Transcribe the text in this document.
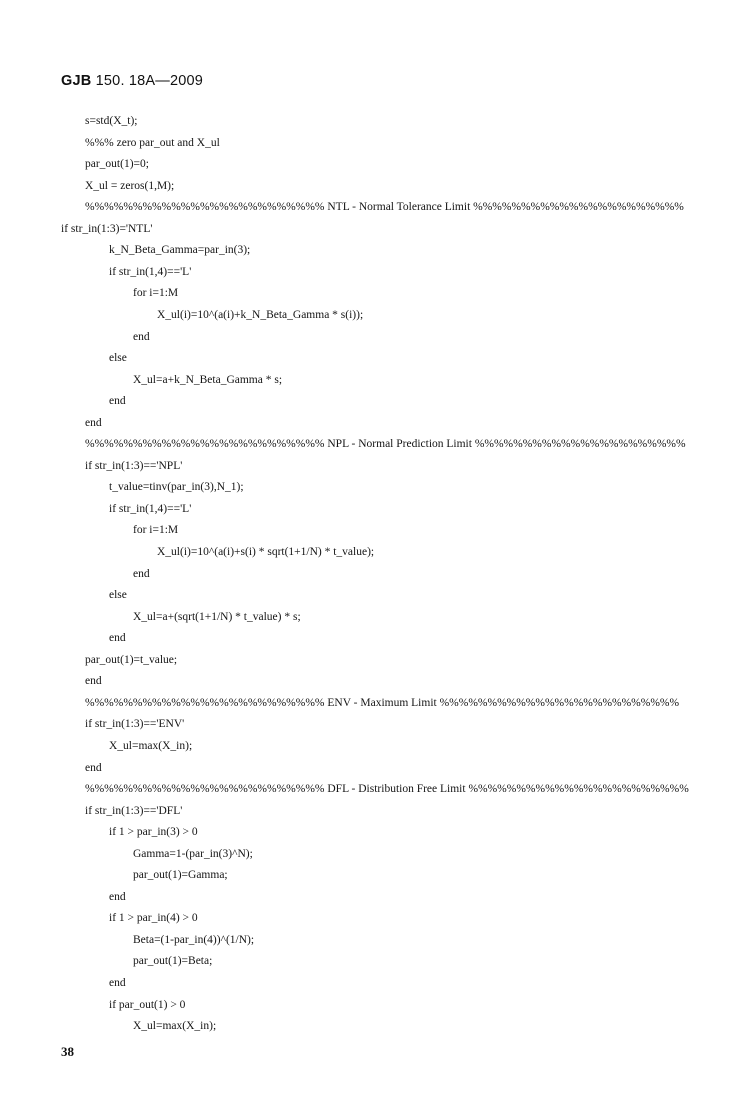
GJB 150. 18A—2009
s=std(X_t);
%%% zero par_out and X_ul
par_out(1)=0;
X_ul = zeros(1,M);
%%%%%%%%%%%%%%%%%%%%%%%%% NTL - Normal Tolerance Limit %%%%%%%%%%%%%%%%%%%%%%
if str_in(1:3)='NTL'
k_N_Beta_Gamma=par_in(3);
if str_in(1,4)=='L'
for i=1:M
X_ul(i)=10^(a(i)+k_N_Beta_Gamma * s(i));
end
else
X_ul=a+k_N_Beta_Gamma * s;
end
end
%%%%%%%%%%%%%%%%%%%%%%%%% NPL - Normal Prediction Limit %%%%%%%%%%%%%%%%%%%%%%
if str_in(1:3)=='NPL'
t_value=tinv(par_in(3),N_1);
if str_in(1,4)=='L'
for i=1:M
X_ul(i)=10^(a(i)+s(i) * sqrt(1+1/N) * t_value);
end
else
X_ul=a+(sqrt(1+1/N) * t_value) * s;
end
par_out(1)=t_value;
end
%%%%%%%%%%%%%%%%%%%%%%%%% ENV - Maximum Limit %%%%%%%%%%%%%%%%%%%%%%%%%
if str_in(1:3)=='ENV'
X_ul=max(X_in);
end
%%%%%%%%%%%%%%%%%%%%%%%%% DFL - Distribution Free Limit %%%%%%%%%%%%%%%%%%%%%%%
if str_in(1:3)=='DFL'
if 1 > par_in(3) > 0
Gamma=1-(par_in(3)^N);
par_out(1)=Gamma;
end
if 1 > par_in(4) > 0
Beta=(1-par_in(4))^(1/N);
par_out(1)=Beta;
end
if par_out(1) > 0
X_ul=max(X_in);
38
